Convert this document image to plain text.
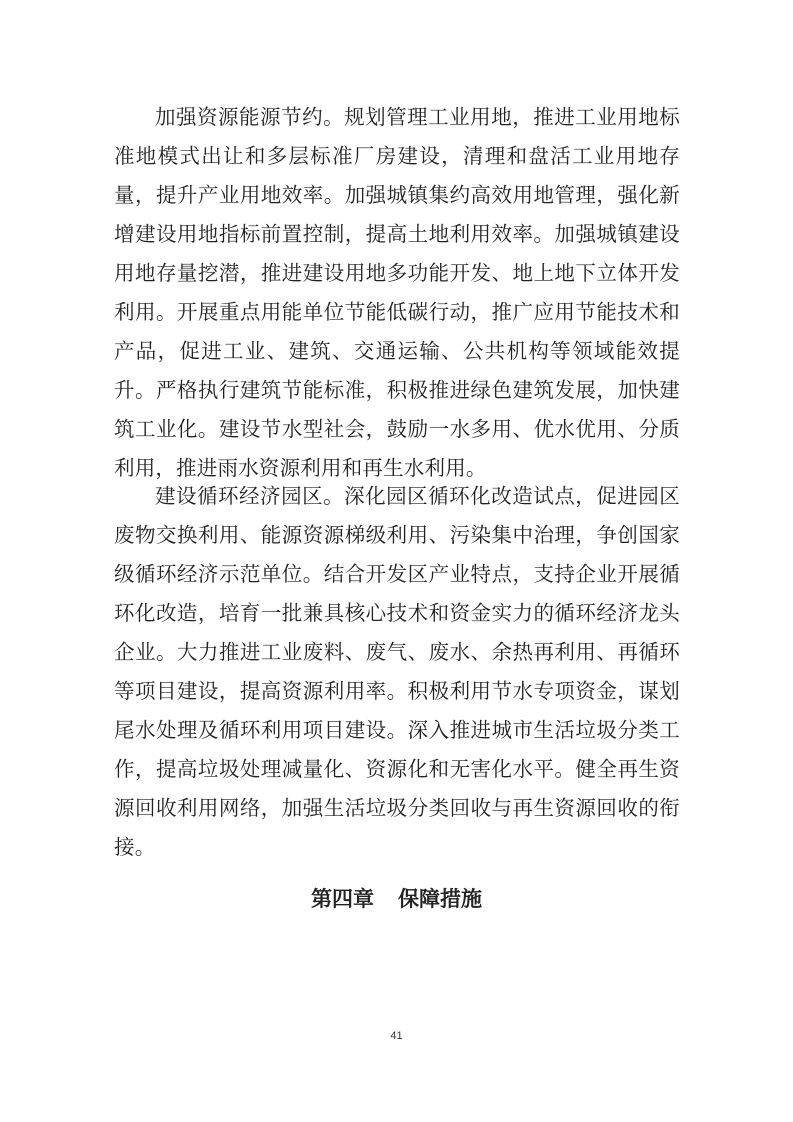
加强资源能源节约。规划管理工业用地，推进工业用地标准地模式出让和多层标准厂房建设，清理和盘活工业用地存量，提升产业用地效率。加强城镇集约高效用地管理，强化新增建设用地指标前置控制，提高土地利用效率。加强城镇建设用地存量挖潜，推进建设用地多功能开发、地上地下立体开发利用。开展重点用能单位节能低碳行动，推广应用节能技术和产品，促进工业、建筑、交通运输、公共机构等领域能效提升。严格执行建筑节能标准，积极推进绿色建筑发展，加快建筑工业化。建设节水型社会，鼓励一水多用、优水优用、分质利用，推进雨水资源利用和再生水利用。

建设循环经济园区。深化园区循环化改造试点，促进园区废物交换利用、能源资源梯级利用、污染集中治理，争创国家级循环经济示范单位。结合开发区产业特点，支持企业开展循环化改造，培育一批兼具核心技术和资金实力的循环经济龙头企业。大力推进工业废料、废气、废水、余热再利用、再循环等项目建设，提高资源利用率。积极利用节水专项资金，谋划尾水处理及循环利用项目建设。深入推进城市生活垃圾分类工作，提高垃圾处理减量化、资源化和无害化水平。健全再生资源回收利用网络，加强生活垃圾分类回收与再生资源回收的衔接。

第四章 保障措施
41
